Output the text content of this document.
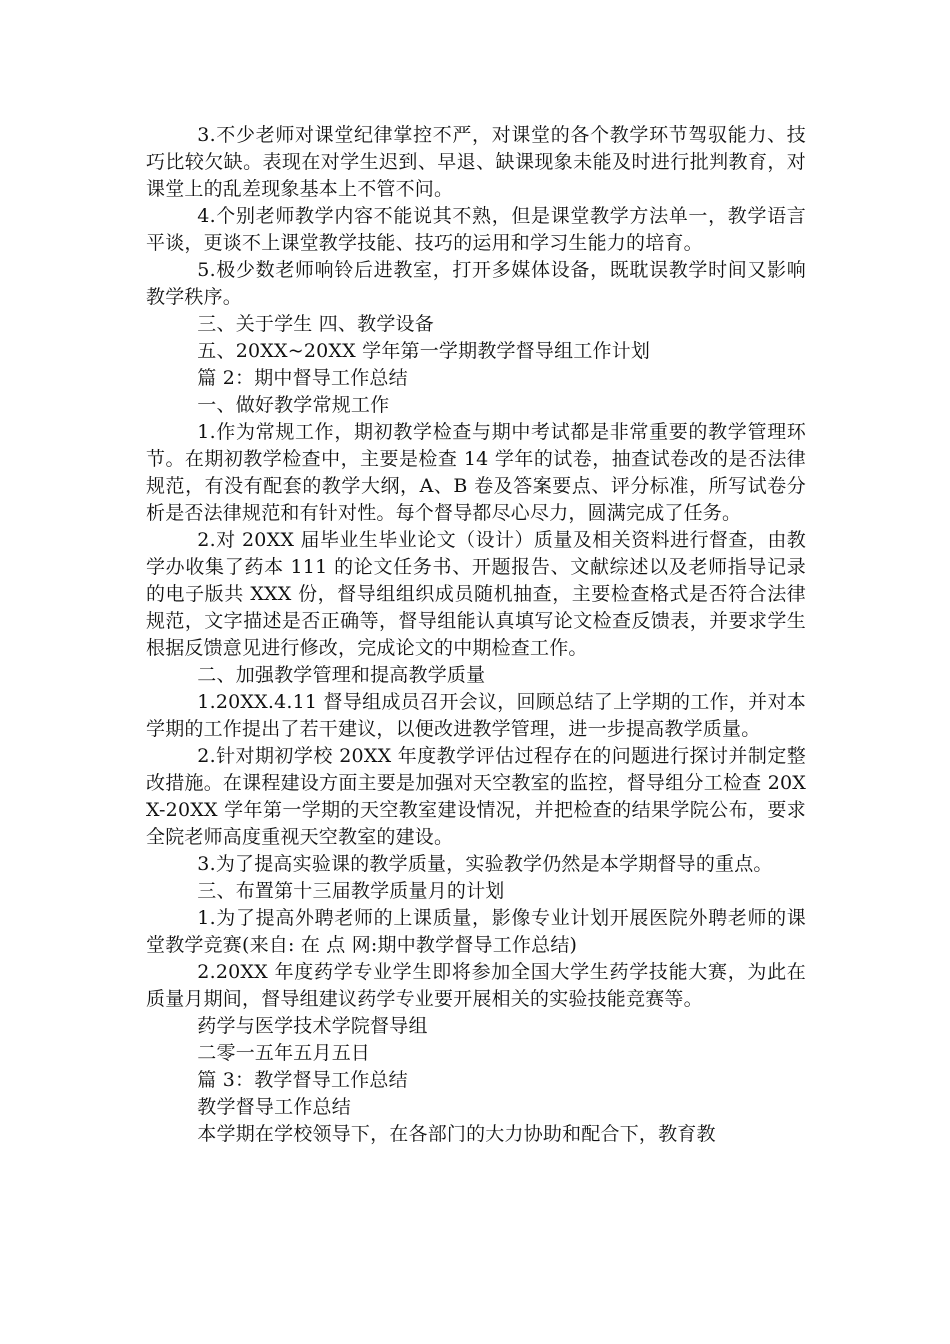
3.不少老师对课堂纪律掌控不严，对课堂的各个教学环节驾驭能力、技巧比较欠缺。表现在对学生迟到、早退、缺课现象未能及时进行批判教育，对课堂上的乱差现象基本上不管不问。

4.个别老师教学内容不能说其不熟，但是课堂教学方法单一，教学语言平谈，更谈不上课堂教学技能、技巧的运用和学习生能力的培育。

5.极少数老师响铃后进教室，打开多媒体设备，既耽误教学时间又影响教学秩序。

三、关于学生 四、教学设备

五、20XX~20XX 学年第一学期教学督导组工作计划

篇 2：期中督导工作总结

一、做好教学常规工作

1.作为常规工作，期初教学检查与期中考试都是非常重要的教学管理环节。在期初教学检查中，主要是检查 14 学年的试卷，抽查试卷改的是否法律规范，有没有配套的教学大纲，A、B 卷及答案要点、评分标准，所写试卷分析是否法律规范和有针对性。每个督导都尽心尽力，圆满完成了任务。

2.对 20XX 届毕业生毕业论文（设计）质量及相关资料进行督查，由教学办收集了药本 111 的论文任务书、开题报告、文献综述以及老师指导记录的电子版共 XXX 份，督导组组织成员随机抽查，主要检查格式是否符合法律规范，文字描述是否正确等，督导组能认真填写论文检查反馈表，并要求学生根据反馈意见进行修改，完成论文的中期检查工作。

二、加强教学管理和提高教学质量

1.20XX.4.11 督导组成员召开会议，回顾总结了上学期的工作，并对本学期的工作提出了若干建议，以便改进教学管理，进一步提高教学质量。

2.针对期初学校 20XX 年度教学评估过程存在的问题进行探讨并制定整改措施。在课程建设方面主要是加强对天空教室的监控，督导组分工检查 20XX-20XX 学年第一学期的天空教室建设情况，并把检查的结果学院公布，要求全院老师高度重视天空教室的建设。

3.为了提高实验课的教学质量，实验教学仍然是本学期督导的重点。

三、布置第十三届教学质量月的计划

1.为了提高外聘老师的上课质量，影像专业计划开展医院外聘老师的课堂教学竞赛(来自: 在 点 网:期中教学督导工作总结)

2.20XX 年度药学专业学生即将参加全国大学生药学技能大赛，为此在质量月期间，督导组建议药学专业要开展相关的实验技能竞赛等。

药学与医学技术学院督导组

二零一五年五月五日

篇 3：教学督导工作总结

教学督导工作总结

本学期在学校领导下，在各部门的大力协助和配合下，教育教
